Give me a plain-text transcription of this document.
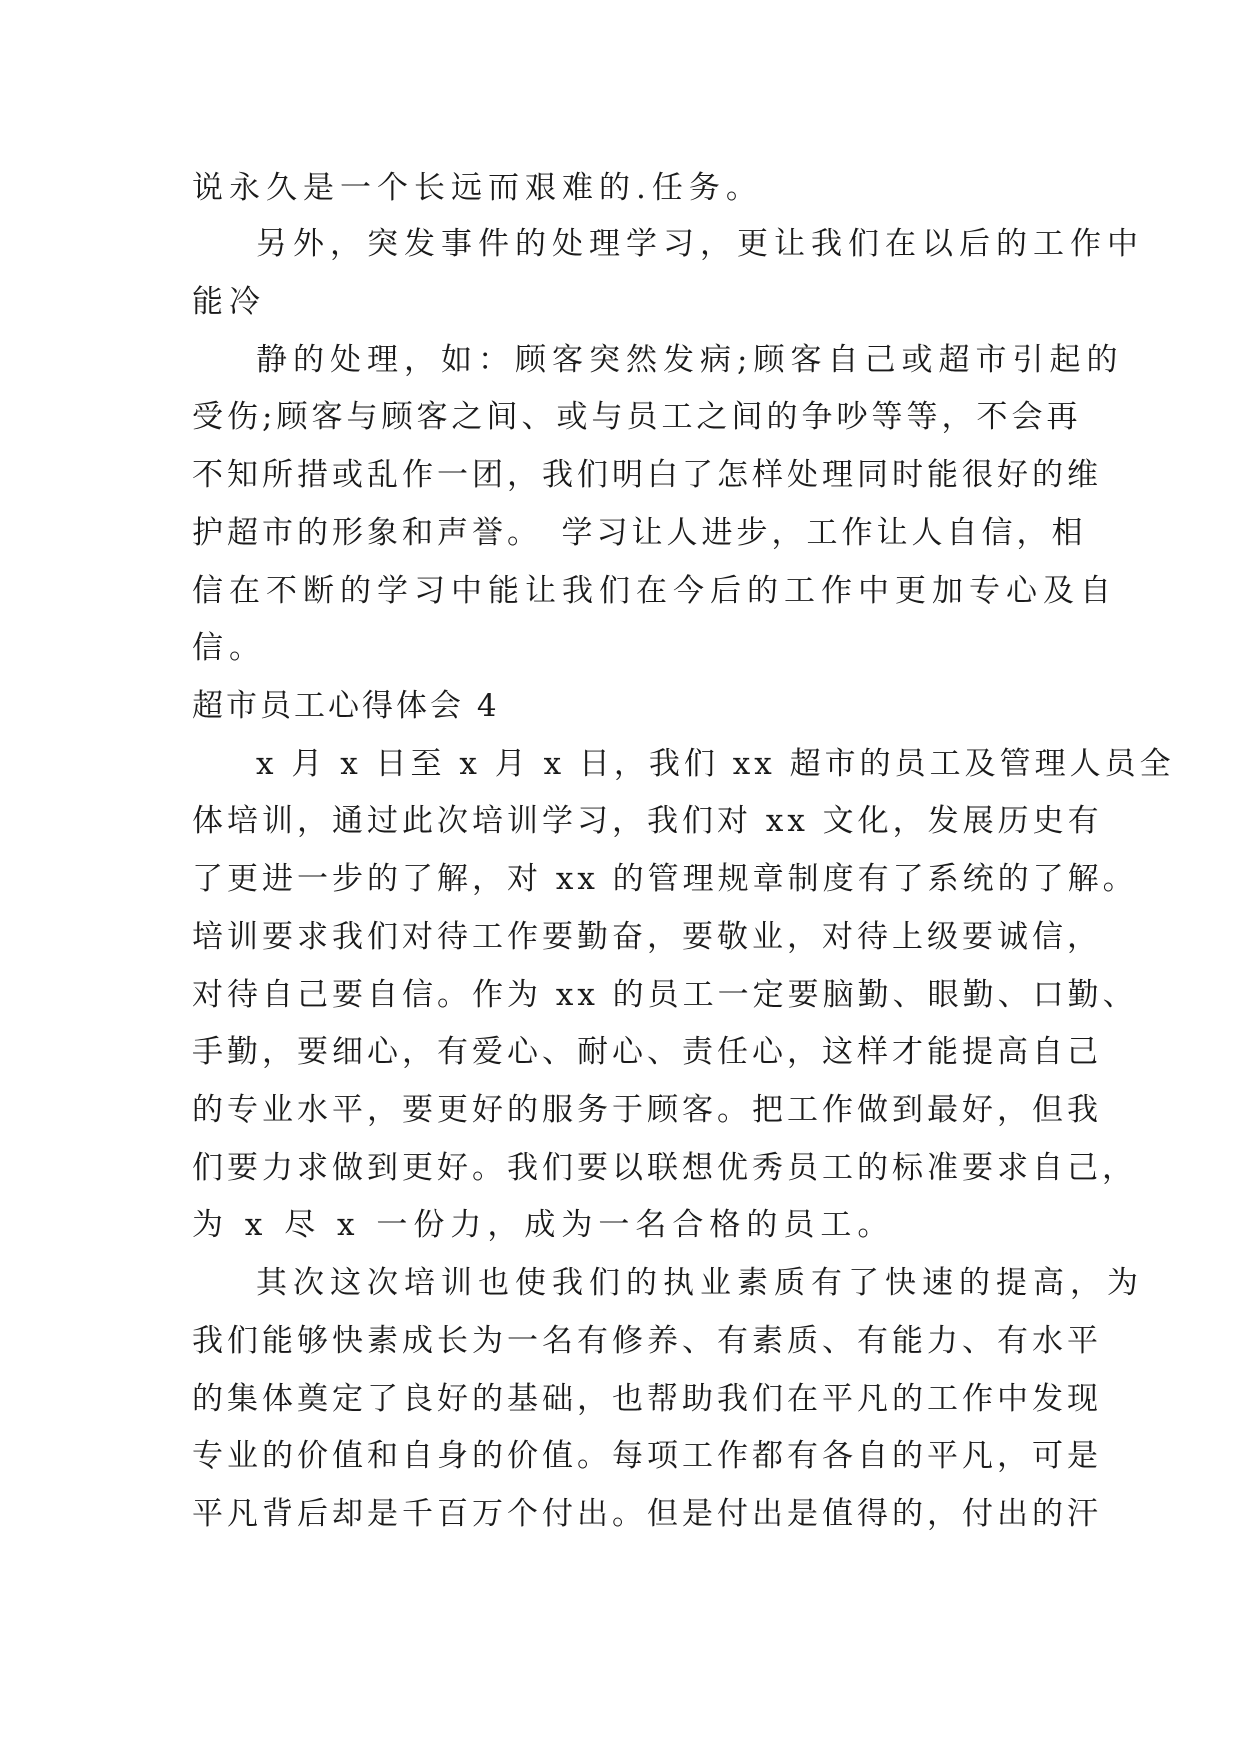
说永久是一个长远而艰难的.任务。
另外，突发事件的处理学习，更让我们在以后的工作中
能冷
静的处理，如：顾客突然发病;顾客自己或超市引起的
受伤;顾客与顾客之间、或与员工之间的争吵等等，不会再
不知所措或乱作一团，我们明白了怎样处理同时能很好的维
护超市的形象和声誉。　学习让人进步，工作让人自信，相
信在不断的学习中能让我们在今后的工作中更加专心及自
信。
超市员工心得体会 4
x 月 x 日至 x 月 x 日，我们 xx 超市的员工及管理人员全
体培训，通过此次培训学习，我们对 xx 文化，发展历史有
了更进一步的了解，对 xx 的管理规章制度有了系统的了解。
培训要求我们对待工作要勤奋，要敬业，对待上级要诚信，
对待自己要自信。作为 xx 的员工一定要脑勤、眼勤、口勤、
手勤，要细心，有爱心、耐心、责任心，这样才能提高自己
的专业水平，要更好的服务于顾客。把工作做到最好，但我
们要力求做到更好。我们要以联想优秀员工的标准要求自己，
为 x 尽 x 一份力，成为一名合格的员工。
其次这次培训也使我们的执业素质有了快速的提高，为
我们能够快素成长为一名有修养、有素质、有能力、有水平
的集体奠定了良好的基础，也帮助我们在平凡的工作中发现
专业的价值和自身的价值。每项工作都有各自的平凡，可是
平凡背后却是千百万个付出。但是付出是值得的，付出的汗
